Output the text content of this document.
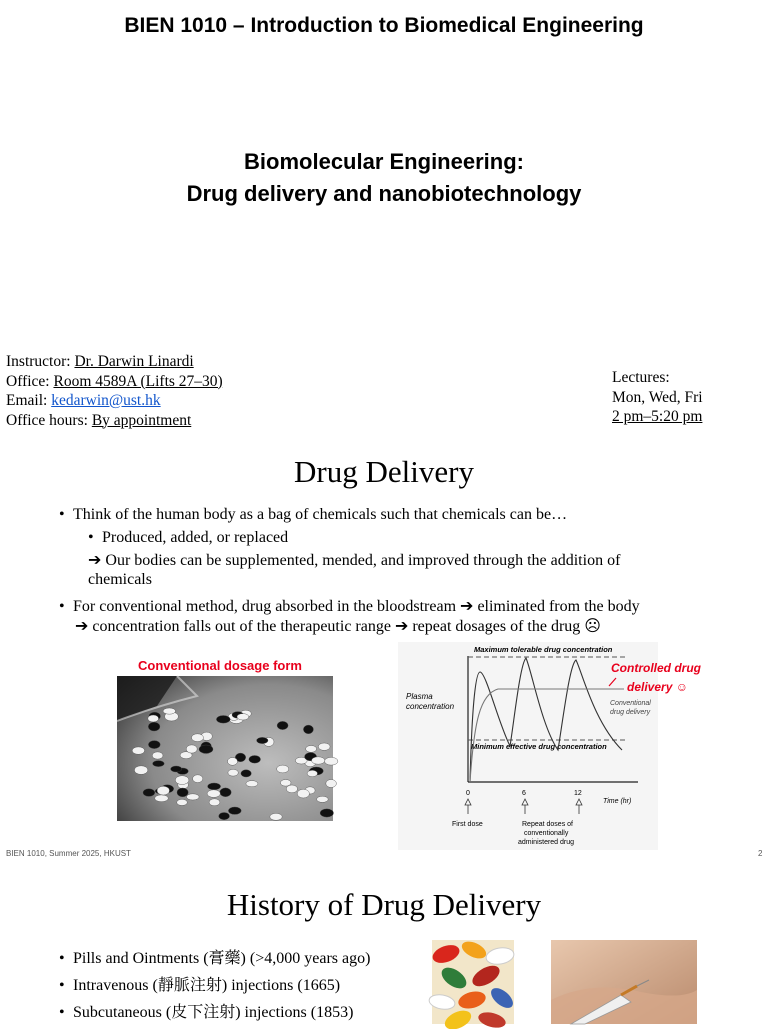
BIEN 1010 – Introduction to Biomedical Engineering
Biomolecular Engineering:
Drug delivery and nanobiotechnology
Instructor: Dr. Darwin Linardi
Office: Room 4589A (Lifts 27–30)
Email: kedarwin@ust.hk
Office hours: By appointment
Lectures:
Mon, Wed, Fri
2 pm–5:20 pm
Drug Delivery
• Think of the human body as a bag of chemicals such that chemicals can be…
• Produced, added, or replaced
➔ Our bodies can be supplemented, mended, and improved through the addition of
chemicals
• For conventional method, drug absorbed in the bloodstream ➔ eliminated from the body
➔ concentration falls out of the therapeutic range ➔ repeat dosages of the drug ☹
Conventional dosage form
Maximum tolerable drug concentration
Minimum effective drug concentration
Plasma
concentration	Conventional
drug delivery
Controlled drug
delivery ☺
0	6	12
Time (hr)
First dose	Repeat doses of
conventionally
administered drug
BIEN 1010, Summer 2025, HKUST	2
History of Drug Delivery
• Pills and Ointments (膏藥) (>4,000 years ago)
• Intravenous (靜脈注射) injections (1665)
• Subcutaneous (皮下注射) injections (1853)
